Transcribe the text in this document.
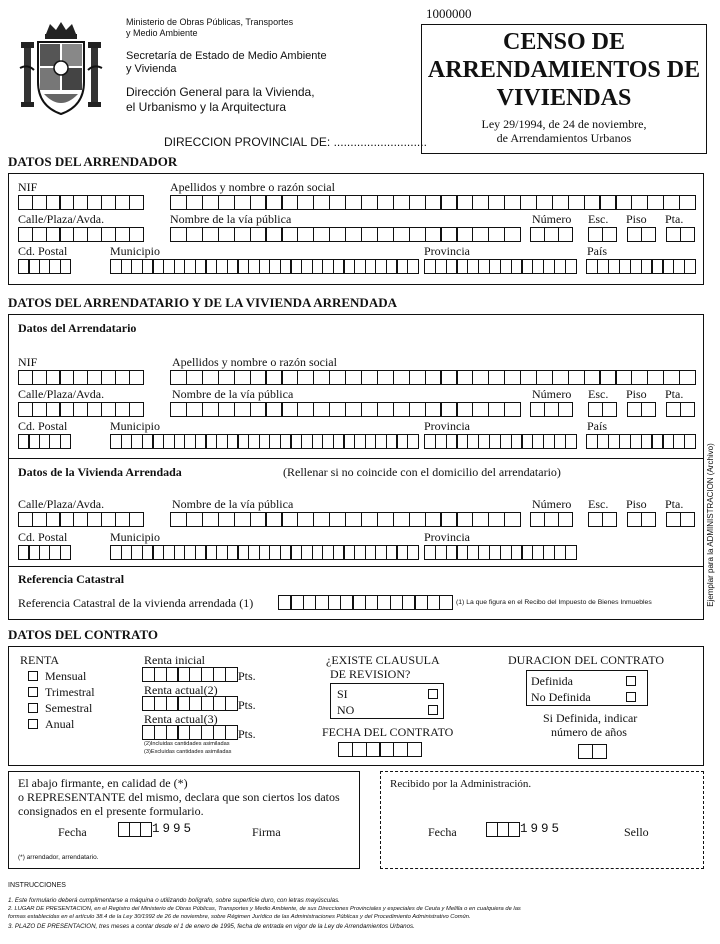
Ministerio de Obras Públicas, Transportes
y Medio Ambiente
Secretaría de Estado de Medio Ambiente
y Vivienda
Dirección General para la Vivienda,
el Urbanismo y la Arquitectura
DIRECCION PROVINCIAL DE: ............................
1000000
CENSO DE
ARRENDAMIENTOS DE
VIVIENDAS
Ley 29/1994, de 24 de noviembre,
de Arrendamientos Urbanos
Ejemplar para la ADMINISTRACION (Archivo)
DATOS DEL ARRENDADOR
NIF	Apellidos y nombre o razón social
Calle/Plaza/Avda.	Nombre de la vía pública	Número Esc. Piso Pta.
Cd. Postal	Municipio	Provincia	País
DATOS DEL ARRENDATARIO Y DE LA VIVIENDA ARRENDADA
Datos del Arrendatario
NIF	Apellidos y nombre o razón social
Calle/Plaza/Avda.	Nombre de la vía pública	Número Esc. Piso Pta.
Cd. Postal	Municipio	Provincia	País
Datos de la Vivienda Arrendada	(Rellenar si no coincide con el domicilio del arrendatario)
Calle/Plaza/Avda.	Nombre de la vía pública	Número Esc. Piso Pta.
Cd. Postal	Municipio	Provincia
Referencia Catastral
Referencia Catastral de la vivienda arrendada (1)	(1) La que figura en el Recibo del Impuesto de Bienes Inmuebles
DATOS DEL CONTRATO
RENTA
Mensual
Trimestral
Semestral
Anual
Renta inicial
Pts.
Renta actual(2)
Pts.
Renta actual(3)
Pts.
(2)Incluidas cantidades asimiladas
(3)Excluidas cantidades asimiladas
¿EXISTE CLAUSULA
DE REVISION?
SI
NO
FECHA DEL CONTRATO
DURACION DEL CONTRATO
Definida
No Definida
Si Definida, indicar
número de años
El abajo firmante, en calidad de (*)
o REPRESENTANTE del mismo, declara que son ciertos los datos
consignados en el presente formulario.
Fecha	1995	Firma
(*) arrendador, arrendatario.
Recibido por la Administración.
Fecha	1995	Sello
INSTRUCCIONES
1. Este formulario deberá cumplimentarse a máquina o utilizando bolígrafo, sobre superficie duro, con letras mayúsculas.
2. LUGAR DE PRESENTACION, en el Registro del Ministerio de Obras Públicas, Transportes y Medio Ambiente, de sus Direcciones Provinciales y especiales de Ceuta y Melilla o en cualquiera de las
formas establecidas en el artículo 38.4 de la Ley 30/1992 de 26 de noviembre, sobre Régimen Jurídico de las Administraciones Públicas y del Procedimiento Administrativo Común.
3. PLAZO DE PRESENTACION, tres meses a contar desde el 1 de enero de 1995, fecha de entrada en vigor de la Ley de Arrendamientos Urbanos.
